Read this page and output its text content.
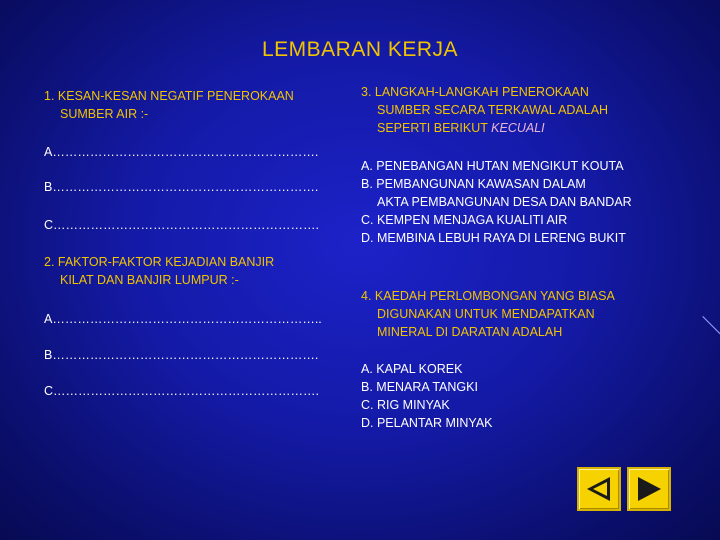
LEMBARAN KERJA
1. KESAN-KESAN NEGATIF PENEROKAAN
SUMBER AIR :-
A……………………………………………………….
B……………………………………………………….
C……………………………………………………….
2. FAKTOR-FAKTOR KEJADIAN BANJIR
KILAT DAN BANJIR LUMPUR :-
A………………………………………………………..
B……………………………………………………….
C……………………………………………………….
3. LANGKAH-LANGKAH PENEROKAAN
SUMBER SECARA TERKAWAL ADALAH
SEPERTI BERIKUT KECUALI
A. PENEBANGAN HUTAN MENGIKUT KOUTA
B. PEMBANGUNAN KAWASAN DALAM
AKTA PEMBANGUNAN DESA DAN BANDAR
C. KEMPEN MENJAGA KUALITI AIR
D. MEMBINA LEBUH RAYA DI LERENG BUKIT
4. KAEDAH PERLOMBONGAN YANG BIASA
DIGUNAKAN UNTUK MENDAPATKAN
MINERAL DI DARATAN ADALAH
A. KAPAL KOREK
B. MENARA TANGKI
C. RIG MINYAK
D. PELANTAR MINYAK
